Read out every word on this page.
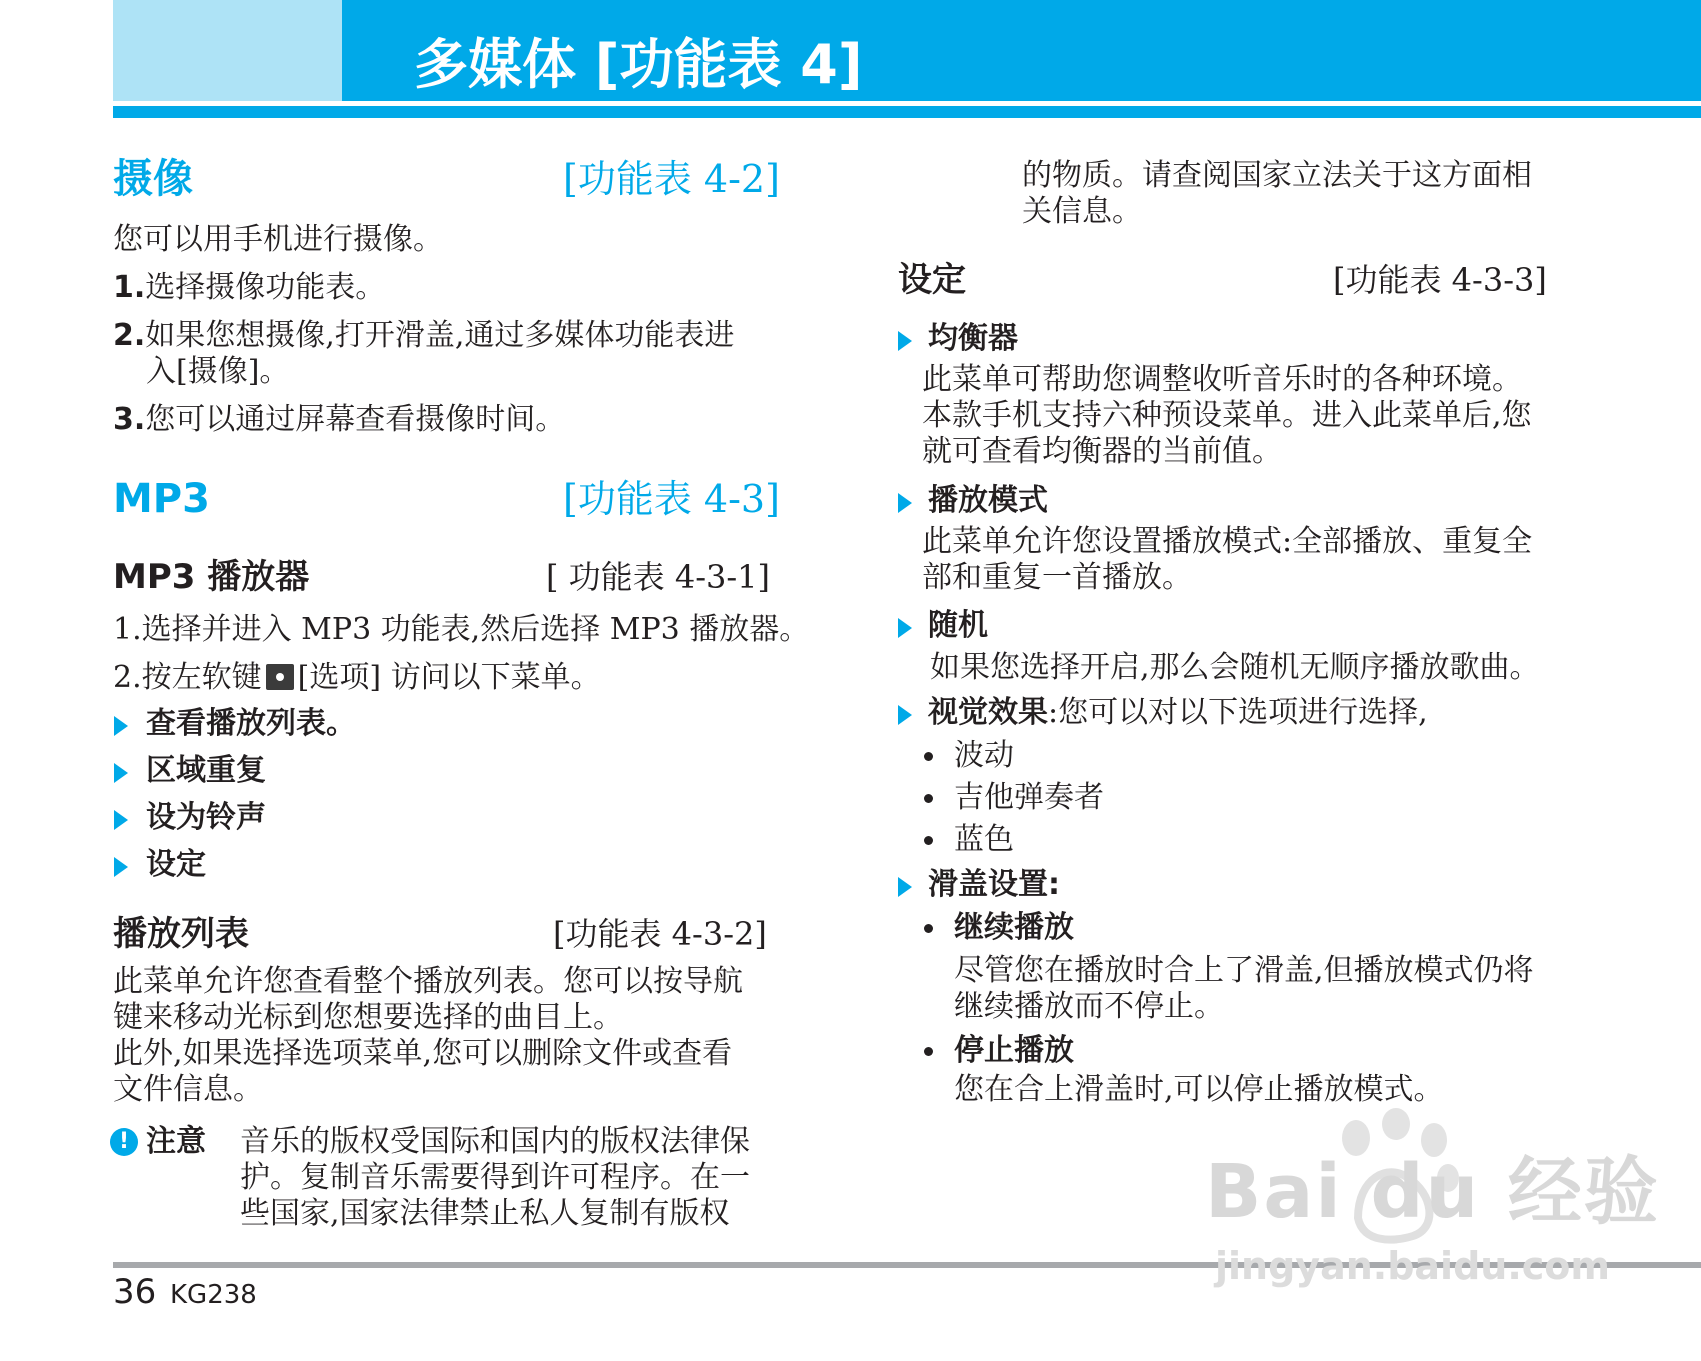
多媒体 [功能表 4]
摄像	[功能表 4-2]
您可以用手机进行摄像。
1.选择摄像功能表。
2.如果您想摄像,打开滑盖,通过多媒体功能表进
入[摄像]。
3.您可以通过屏幕查看摄像时间。
MP3	[功能表 4-3]
MP3 播放器	[ 功能表 4-3-1]
1.选择并进入 MP3 功能表,然后选择 MP3 播放器。
2.按左软键 [选项] 访问以下菜单。
查看播放列表。
区域重复
设为铃声
设定
播放列表	[功能表 4-3-2]
此菜单允许您查看整个播放列表。您可以按导航
键来移动光标到您想要选择的曲目上。
此外,如果选择选项菜单,您可以删除文件或查看
文件信息。
! 注意 音乐的版权受国际和国内的版权法律保
护。复制音乐需要得到许可程序。在一
些国家,国家法律禁止私人复制有版权
的物质。请查阅国家立法关于这方面相
关信息。
设定	[功能表 4-3-3]
均衡器
此菜单可帮助您调整收听音乐时的各种环境。
本款手机支持六种预设菜单。进入此菜单后,您
就可查看均衡器的当前值。
播放模式
此菜单允许您设置播放模式:全部播放、重复全
部和重复一首播放。
随机
如果您选择开启,那么会随机无顺序播放歌曲。
视觉效果:您可以对以下选项进行选择,
波动
吉他弹奏者
蓝色
滑盖设置:
继续播放
尽管您在播放时合上了滑盖,但播放模式仍将
继续播放而不停止。
停止播放
您在合上滑盖时,可以停止播放模式。
Bai du 经验
36 KG238
jingyan.baidu.com
